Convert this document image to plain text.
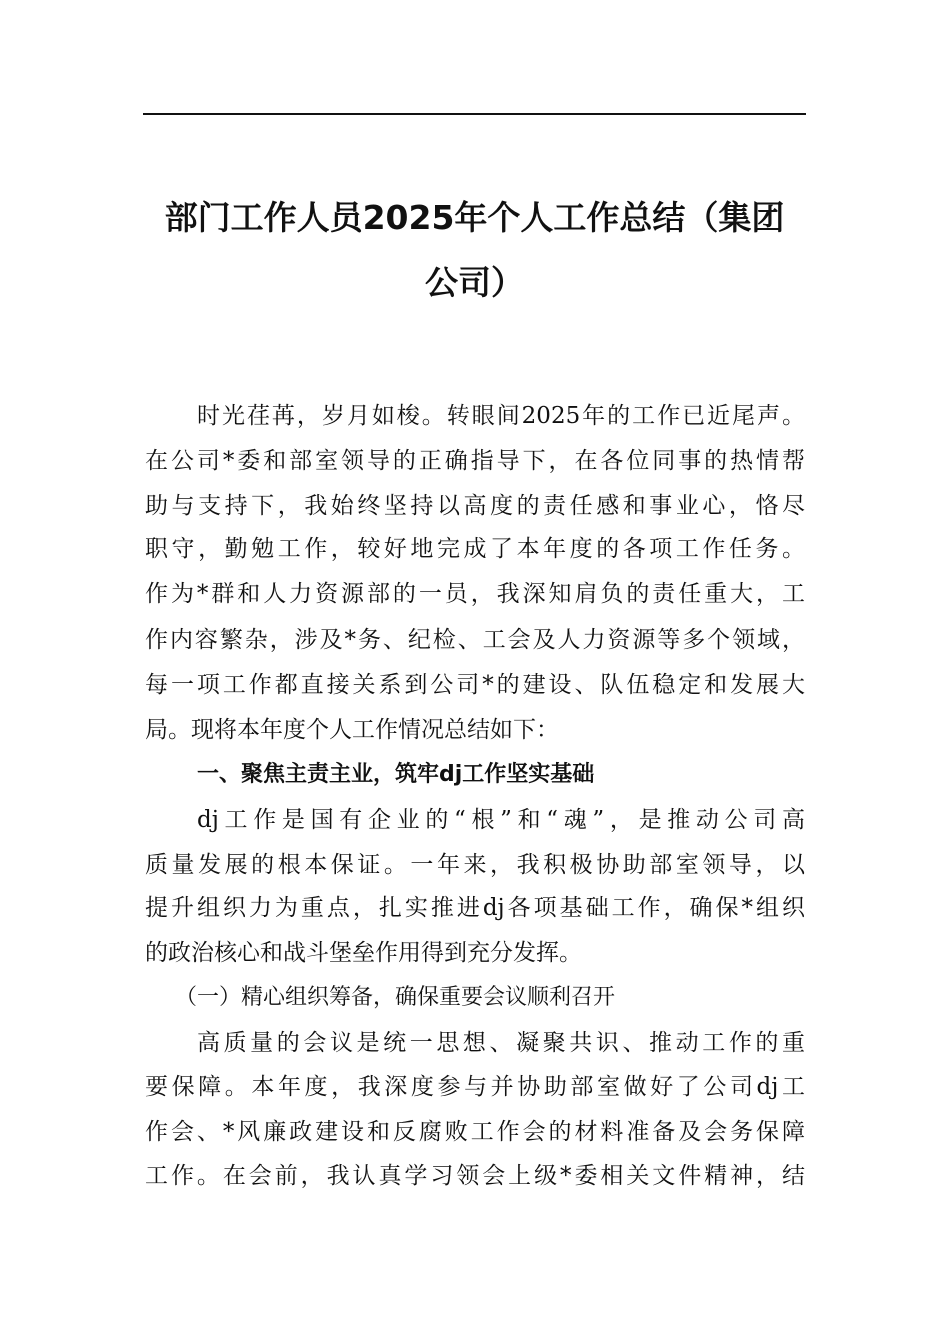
部门工作人员2025年个人工作总结（集团
公司）
时光荏苒，岁月如梭。转眼间2025年的工作已近尾声。
在公司*委和部室领导的正确指导下，在各位同事的热情帮
助与支持下，我始终坚持以高度的责任感和事业心，恪尽
职守，勤勉工作，较好地完成了本年度的各项工作任务。
作为*群和人力资源部的一员，我深知肩负的责任重大，工
作内容繁杂，涉及*务、纪检、工会及人力资源等多个领域，
每一项工作都直接关系到公司*的建设、队伍稳定和发展大
局。现将本年度个人工作情况总结如下：
一、聚焦主责主业，筑牢dj工作坚实基础
dj工作是国有企业的“根”和“魂”，是推动公司高
质量发展的根本保证。一年来，我积极协助部室领导，以
提升组织力为重点，扎实推进dj各项基础工作，确保*组织
的政治核心和战斗堡垒作用得到充分发挥。
（一）精心组织筹备，确保重要会议顺利召开
高质量的会议是统一思想、凝聚共识、推动工作的重
要保障。本年度，我深度参与并协助部室做好了公司dj工
作会、*风廉政建设和反腐败工作会的材料准备及会务保障
工作。在会前，我认真学习领会上级*委相关文件精神，结
